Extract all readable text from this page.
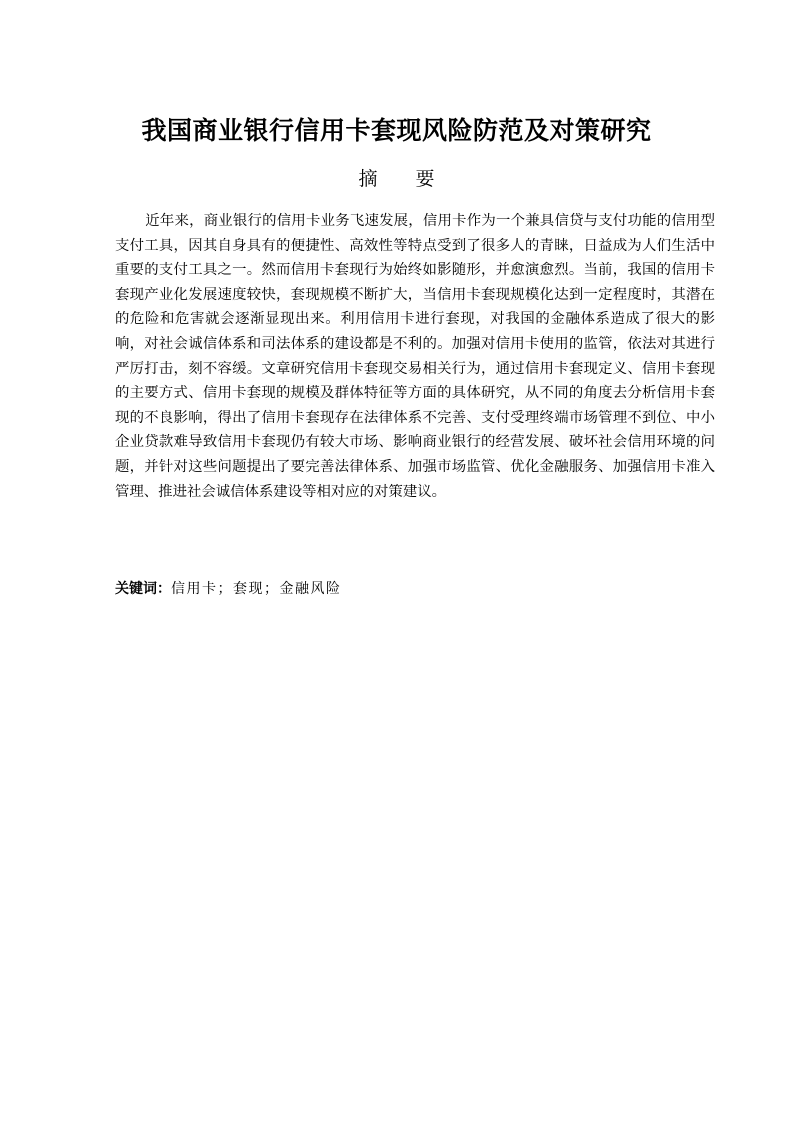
我国商业银行信用卡套现风险防范及对策研究
摘　　要

近年来，商业银行的信用卡业务飞速发展，信用卡作为一个兼具信贷与支付功能的信用型支付工具，因其自身具有的便捷性、高效性等特点受到了很多人的青睐，日益成为人们生活中重要的支付工具之一。然而信用卡套现行为始终如影随形，并愈演愈烈。当前，我国的信用卡套现产业化发展速度较快，套现规模不断扩大，当信用卡套现规模化达到一定程度时，其潜在的危险和危害就会逐渐显现出来。利用信用卡进行套现，对我国的金融体系造成了很大的影响，对社会诚信体系和司法体系的建设都是不利的。加强对信用卡使用的监管，依法对其进行严厉打击，刻不容缓。文章研究信用卡套现交易相关行为，通过信用卡套现定义、信用卡套现的主要方式、信用卡套现的规模及群体特征等方面的具体研究，从不同的角度去分析信用卡套现的不良影响，得出了信用卡套现存在法律体系不完善、支付受理终端市场管理不到位、中小企业贷款难导致信用卡套现仍有较大市场、影响商业银行的经营发展、破坏社会信用环境的问题，并针对这些问题提出了要完善法律体系、加强市场监管、优化金融服务、加强信用卡准入管理、推进社会诚信体系建设等相对应的对策建议。

关键词：信用卡；套现；金融风险
